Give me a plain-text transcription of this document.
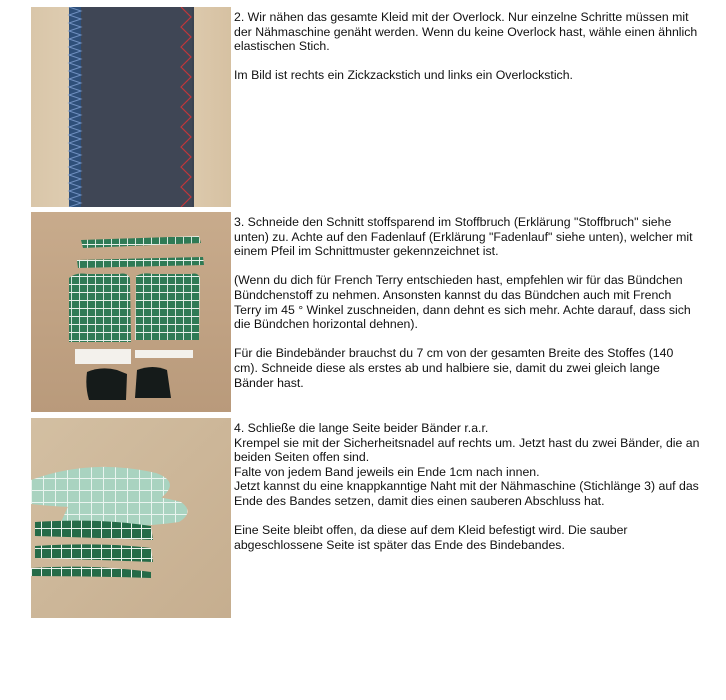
2. Wir nähen das gesamte Kleid mit der Overlock. Nur einzelne Schritte müssen mit der Nähmaschine genäht werden. Wenn du keine Overlock hast, wähle einen ähnlich elastischen Stich.

Im Bild ist rechts ein Zickzackstich und links ein Overlockstich.

3. Schneide den Schnitt stoffsparend im Stoffbruch (Erklärung "Stoffbruch" siehe unten) zu. Achte auf den Fadenlauf (Erklärung "Fadenlauf" siehe unten), welcher mit einem Pfeil im Schnittmuster gekennzeichnet ist.

(Wenn du dich für French Terry entschieden hast, empfehlen wir für das Bündchen Bündchenstoff zu nehmen. Ansonsten kannst du das Bündchen auch mit French Terry im 45 ° Winkel zuschneiden, dann dehnt es sich mehr. Achte darauf, dass sich die Bündchen horizontal dehnen).

Für die Bindebänder brauchst du 7 cm von der gesamten Breite des Stoffes (140 cm). Schneide diese als erstes ab und halbiere sie, damit du zwei gleich lange Bänder hast.

4. Schließe die lange Seite beider Bänder r.a.r.

Krempel sie mit der Sicherheitsnadel auf rechts um. Jetzt hast du zwei Bänder, die an beiden Seiten offen sind.

Falte von jedem Band jeweils ein Ende 1cm nach innen.

Jetzt kannst du eine knappkanntige Naht mit der Nähmaschine (Stichlänge 3) auf das Ende des Bandes setzen, damit dies einen sauberen Abschluss hat.

Eine Seite bleibt offen, da diese auf dem Kleid befestigt wird. Die sauber abgeschlossene Seite ist später das Ende des Bindebandes.
